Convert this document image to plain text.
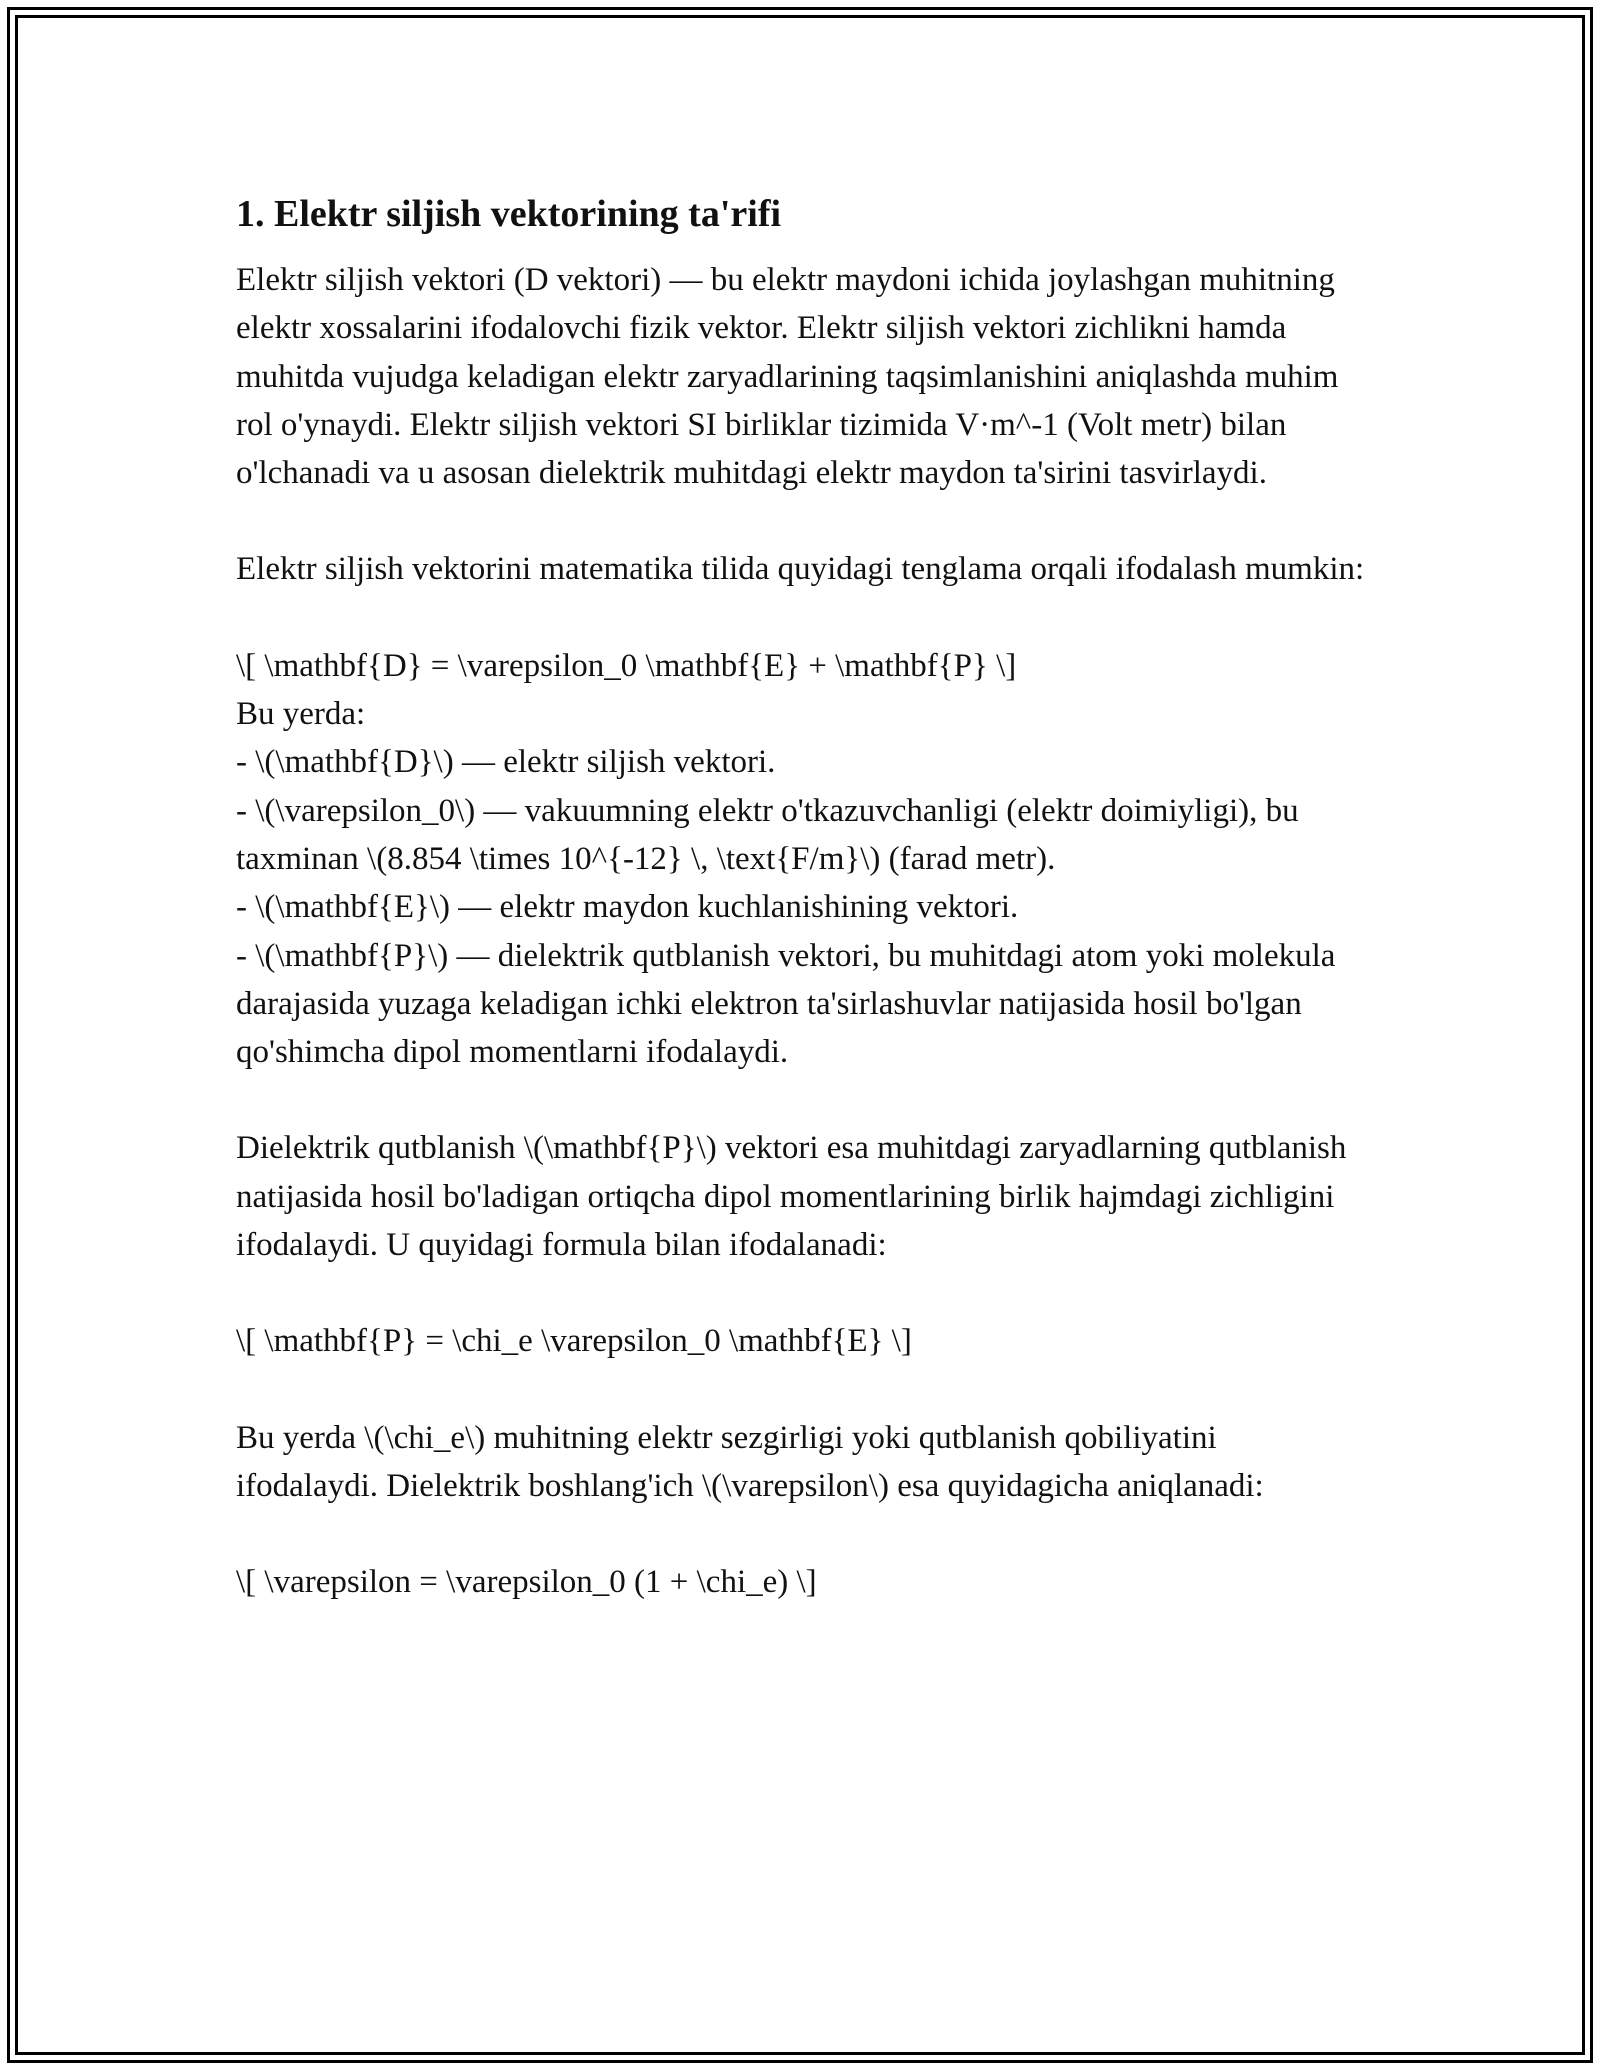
1. Elektr siljish vektorining ta'rifi

Elektr siljish vektori (D vektori) — bu elektr maydoni ichida joylashgan muhitning elektr xossalarini ifodalovchi fizik vektor. Elektr siljish vektori zichlikni hamda muhitda vujudga keladigan elektr zaryadlarining taqsimlanishini aniqlashda muhim rol o'ynaydi. Elektr siljish vektori SI birliklar tizimida V·m^-1 (Volt metr) bilan o'lchanadi va u asosan dielektrik muhitdagi elektr maydon ta'sirini tasvirlaydi.

Elektr siljish vektorini matematika tilida quyidagi tenglama orqali ifodalash mumkin:

\[ \mathbf{D} = \varepsilon_0 \mathbf{E} + \mathbf{P} \]

Bu yerda:
- \(\mathbf{D}\) — elektr siljish vektori.
- \(\varepsilon_0\) — vakuumning elektr o'tkazuvchanligi (elektr doimiyligi), bu taxminan \(8.854 \times 10^{-12} \, \text{F/m}\) (farad metr).
- \(\mathbf{E}\) — elektr maydon kuchlanishining vektori.
- \(\mathbf{P}\) — dielektrik qutblanish vektori, bu muhitdagi atom yoki molekula darajasida yuzaga keladigan ichki elektron ta'sirlashuvlar natijasida hosil bo'lgan qo'shimcha dipol momentlarni ifodalaydi.

Dielektrik qutblanish \(\mathbf{P}\) vektori esa muhitdagi zaryadlarning qutblanish natijasida hosil bo'ladigan ortiqcha dipol momentlarining birlik hajmdagi zichligini ifodalaydi. U quyidagi formula bilan ifodalanadi:

\[ \mathbf{P} = \chi_e \varepsilon_0 \mathbf{E} \]

Bu yerda \(\chi_e\) muhitning elektr sezgirligi yoki qutblanish qobiliyatini ifodalaydi. Dielektrik boshlang'ich \(\varepsilon\) esa quyidagicha aniqlanadi:

\[ \varepsilon = \varepsilon_0 (1 + \chi_e) \]
